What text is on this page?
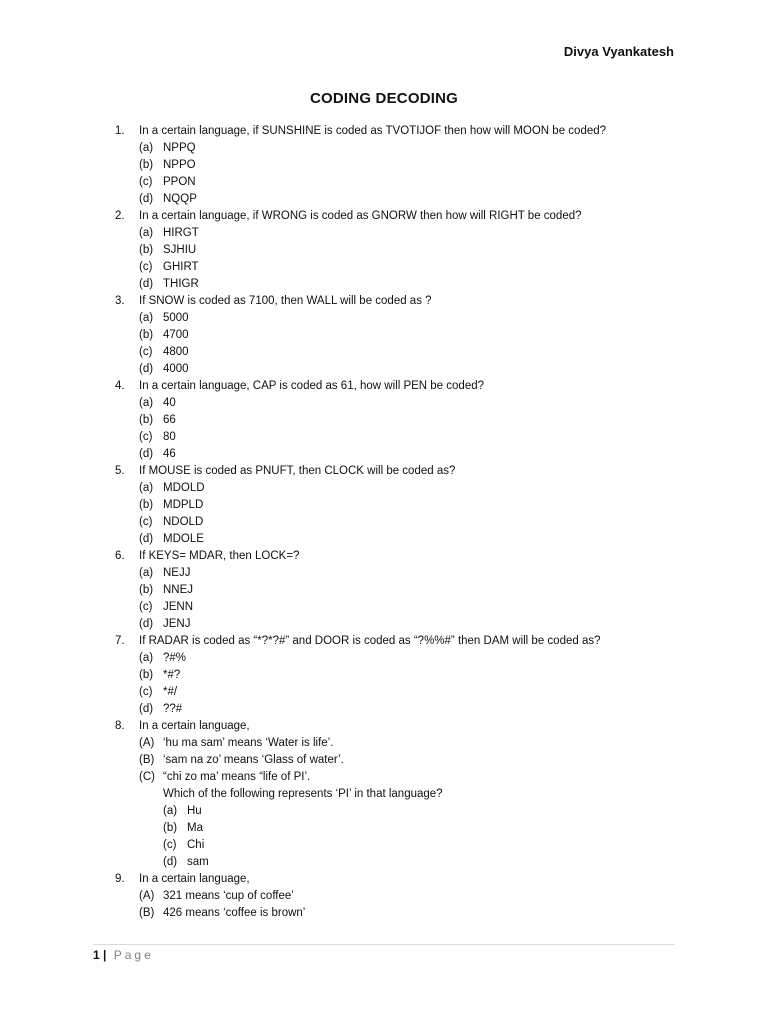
Divya Vyankatesh
CODING DECODING
1.	In a certain language, if SUNSHINE is coded as TVOTIJOF then how will MOON be coded?
(a) NPPQ
(b) NPPO
(c) PPON
(d) NQQP
2.	In a certain language, if WRONG is coded as GNORW then how will RIGHT be coded?
(a) HIRGT
(b) SJHIU
(c) GHIRT
(d) THIGR
3.	If SNOW is coded as 7100, then WALL will be coded as ?
(a) 5000
(b) 4700
(c) 4800
(d) 4000
4.	In a certain language, CAP is coded as 61, how will PEN be coded?
(a) 40
(b) 66
(c) 80
(d) 46
5.	If MOUSE is coded as PNUFT, then CLOCK will be coded as?
(a) MDOLD
(b) MDPLD
(c) NDOLD
(d) MDOLE
6.	If KEYS= MDAR, then LOCK=?
(a) NEJJ
(b) NNEJ
(c) JENN
(d) JENJ
7.	If RADAR is coded as “*?*?#” and DOOR is coded as “?%%#” then DAM will be coded as?
(a) ?#%
(b) *#?
(c) *#/
(d) ??#
8.	In a certain language,
(A) ‘hu ma sam’ means ‘Water is life’.
(B) ‘sam na zo’ means ‘Glass of water’.
(C) “chi zo ma’ means “life of PI’.
Which of the following represents ‘PI’ in that language?
(a) Hu
(b) Ma
(c) Chi
(d) sam
9.	In a certain language,
(A) 321 means ‘cup of coffee’
(B) 426 means ‘coffee is brown’
1 | Page
